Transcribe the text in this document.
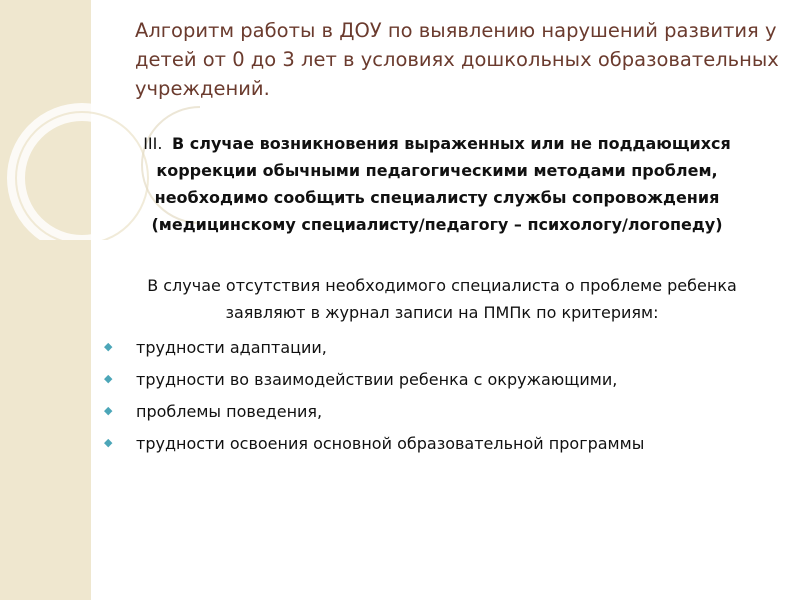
Алгоритм работы в ДОУ по выявлению нарушений развития у детей от 0 до 3 лет в условиях дошкольных образовательных учреждений.

III. В случае возникновения выраженных или не поддающихся коррекции обычными педагогическими методами проблем, необходимо сообщить специалисту службы сопровождения (медицинскому специалисту/педагогу – психологу/логопеду)

В случае отсутствия необходимого специалиста о проблеме ребенка заявляют в журнал записи на ПМПк по критериям:

◆ трудности адаптации,
◆ трудности во взаимодействии ребенка с окружающими,
◆ проблемы поведения,
◆ трудности освоения основной образовательной программы
